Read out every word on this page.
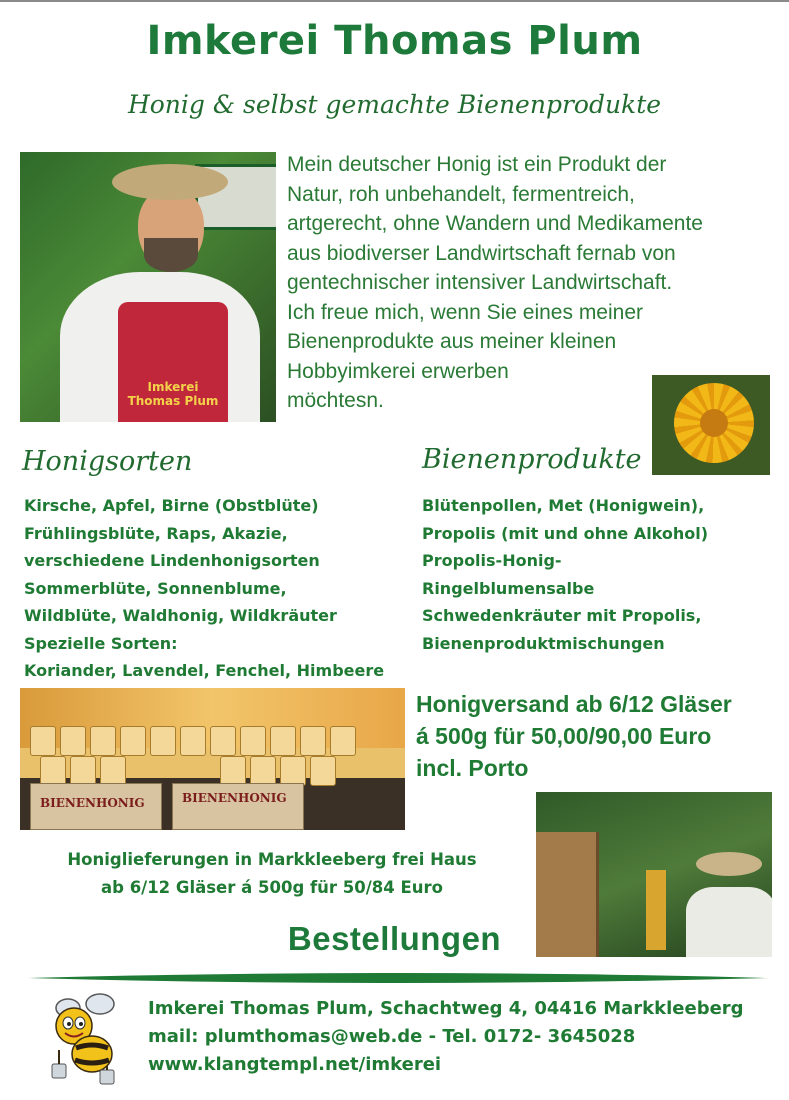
Imkerei Thomas Plum
Honig & selbst gemachte Bienenprodukte
Imkerei
Thomas Plum
Mein deutscher Honig ist ein Produkt der
Natur, roh unbehandelt, fermentreich,
artgerecht, ohne Wandern und Medikamente
aus biodiverser Landwirtschaft fernab von
gentechnischer intensiver Landwirtschaft.
Ich freue mich, wenn Sie eines meiner
Bienenprodukte aus meiner kleinen
Hobbyimkerei erwerben
möchtesn.
Honigsorten	Bienenprodukte
Kirsche, Apfel, Birne (Obstblüte)
Frühlingsblüte, Raps, Akazie,
verschiedene Lindenhonigsorten
Sommerblüte, Sonnenblume,
Wildblüte, Waldhonig, Wildkräuter
Spezielle Sorten:
Koriander, Lavendel, Fenchel, Himbeere
Blütenpollen, Met (Honigwein),
Propolis (mit und ohne Alkohol)
Propolis-Honig-
Ringelblumensalbe
Schwedenkräuter mit Propolis,
Bienenproduktmischungen
BIENENHONIG	BIENENHONIG
Honigversand ab 6/12 Gläser
á 500g für 50,00/90,00 Euro
incl. Porto
Honiglieferungen in Markkleeberg frei Haus
ab 6/12 Gläser á 500g für 50/84 Euro
Bestellungen
Imkerei Thomas Plum, Schachtweg 4, 04416 Markkleeberg
mail: plumthomas@web.de - Tel. 0172- 3645028
www.klangtempl.net/imkerei
